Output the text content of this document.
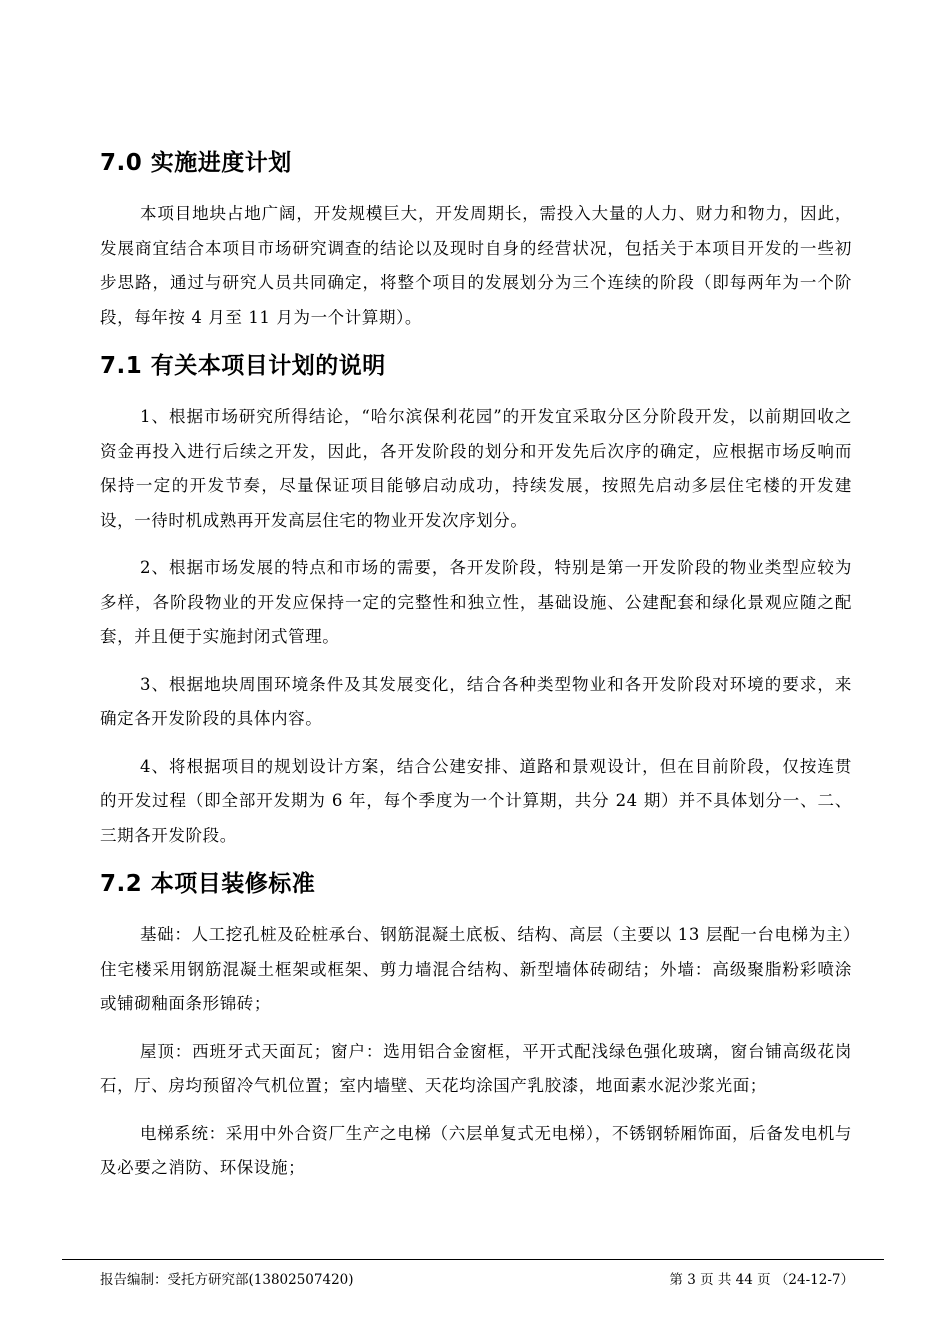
7.0 实施进度计划

本项目地块占地广阔，开发规模巨大，开发周期长，需投入大量的人力、财力和物力，因此，发展商宜结合本项目市场研究调查的结论以及现时自身的经营状况，包括关于本项目开发的一些初步思路，通过与研究人员共同确定，将整个项目的发展划分为三个连续的阶段（即每两年为一个阶段，每年按 4 月至 11 月为一个计算期）。

7.1 有关本项目计划的说明

1、根据市场研究所得结论，“哈尔滨保利花园”的开发宜采取分区分阶段开发，以前期回收之资金再投入进行后续之开发，因此，各开发阶段的划分和开发先后次序的确定，应根据市场反响而保持一定的开发节奏，尽量保证项目能够启动成功，持续发展，按照先启动多层住宅楼的开发建设，一待时机成熟再开发高层住宅的物业开发次序划分。

2、根据市场发展的特点和市场的需要，各开发阶段，特别是第一开发阶段的物业类型应较为多样，各阶段物业的开发应保持一定的完整性和独立性，基础设施、公建配套和绿化景观应随之配套，并且便于实施封闭式管理。

3、根据地块周围环境条件及其发展变化，结合各种类型物业和各开发阶段对环境的要求，来确定各开发阶段的具体内容。

4、将根据项目的规划设计方案，结合公建安排、道路和景观设计，但在目前阶段，仅按连贯的开发过程（即全部开发期为 6 年，每个季度为一个计算期，共分 24 期）并不具体划分一、二、三期各开发阶段。

7.2 本项目装修标准

基础：人工挖孔桩及砼桩承台、钢筋混凝土底板、结构、高层（主要以 13 层配一台电梯为主）住宅楼采用钢筋混凝土框架或框架、剪力墙混合结构、新型墙体砖砌结；外墙：高级聚脂粉彩喷涂或铺砌釉面条形锦砖；

屋顶：西班牙式天面瓦；窗户：选用铝合金窗框，平开式配浅绿色强化玻璃，窗台铺高级花岗石，厅、房均预留冷气机位置；室内墙壁、天花均涂国产乳胶漆，地面素水泥沙浆光面；

电梯系统：采用中外合资厂生产之电梯（六层单复式无电梯），不锈钢轿厢饰面，后备发电机与及必要之消防、环保设施；

报告编制：受托方研究部(13802507420)	第 3 页 共 44 页 （24-12-7）
